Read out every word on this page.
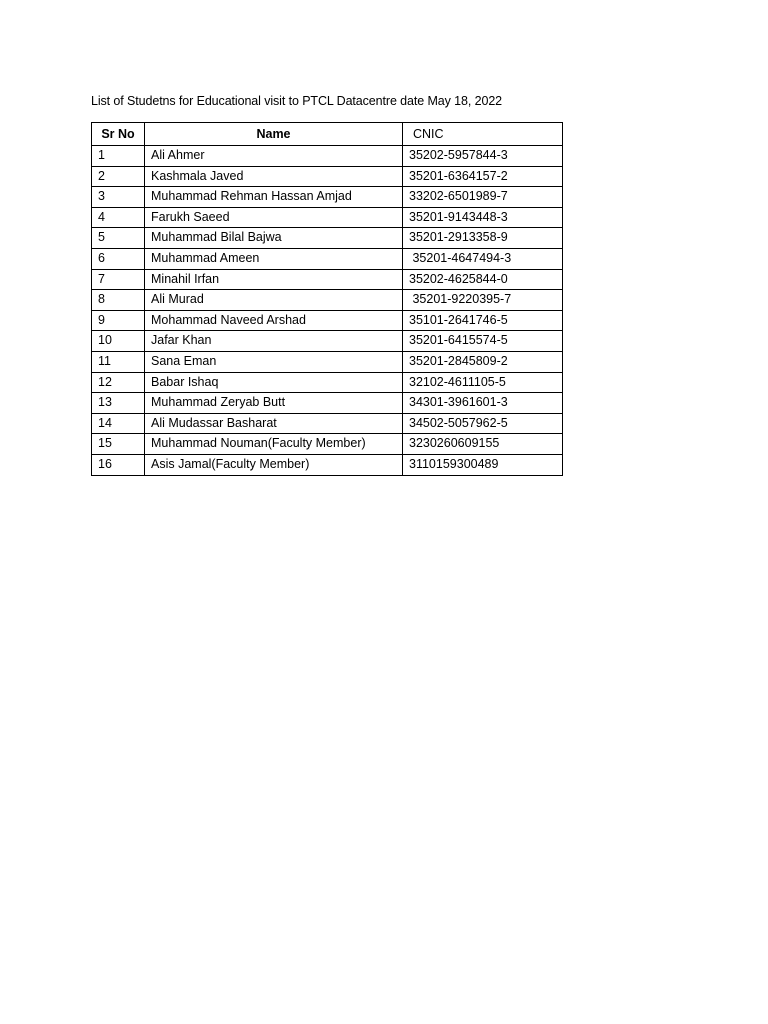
List of Studetns for Educational visit to PTCL Datacentre date May 18, 2022
Sr No	Name	CNIC
1	Ali Ahmer	35202-5957844-3
2	Kashmala Javed	35201-6364157-2
3	Muhammad Rehman Hassan Amjad	33202-6501989-7
4	Farukh Saeed	35201-9143448-3
5	Muhammad Bilal Bajwa	35201-2913358-9
6	Muhammad Ameen	35201-4647494-3
7	Minahil Irfan	35202-4625844-0
8	Ali Murad	35201-9220395-7
9	Mohammad Naveed Arshad	35101-2641746-5
10	Jafar Khan	35201-6415574-5
11	Sana Eman	35201-2845809-2
12	Babar Ishaq	32102-4611105-5
13	Muhammad Zeryab Butt	34301-3961601-3
14	Ali Mudassar Basharat	34502-5057962-5
15	Muhammad Nouman(Faculty Member)	3230260609155
16	Asis Jamal(Faculty Member)	3110159300489
